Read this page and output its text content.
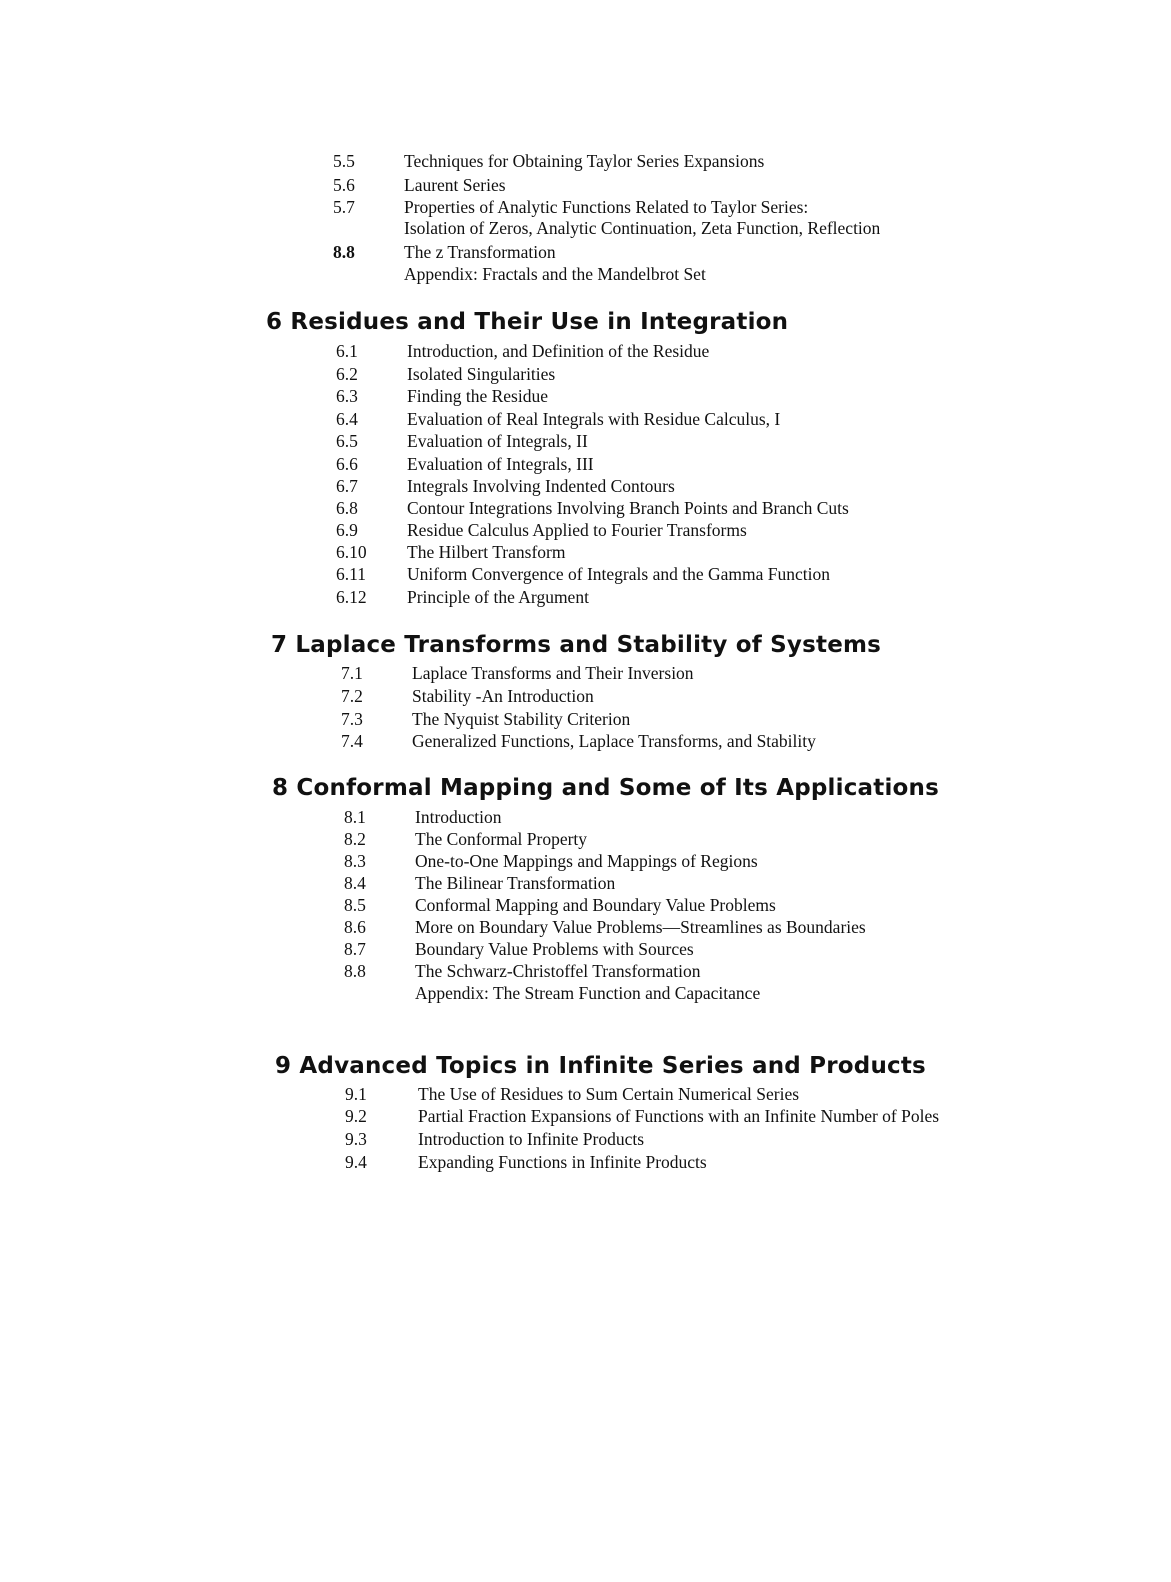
5.5	Techniques for Obtaining Taylor Series Expansions
5.6	Laurent Series
5.7	Properties of Analytic Functions Related to Taylor Series:
Isolation of Zeros, Analytic Continuation, Zeta Function, Reflection
8.8	The z Transformation
Appendix: Fractals and the Mandelbrot Set
6 Residues and Their Use in Integration
6.1	Introduction, and Definition of the Residue
6.2	Isolated Singularities
6.3	Finding the Residue
6.4	Evaluation of Real Integrals with Residue Calculus, I
6.5	Evaluation of Integrals, II
6.6	Evaluation of Integrals, III
6.7	Integrals Involving Indented Contours
6.8	Contour Integrations Involving Branch Points and Branch Cuts
6.9	Residue Calculus Applied to Fourier Transforms
6.10	The Hilbert Transform
6.11	Uniform Convergence of Integrals and the Gamma Function
6.12	Principle of the Argument
7 Laplace Transforms and Stability of Systems
7.1	Laplace Transforms and Their Inversion
7.2	Stability -An Introduction
7.3	The Nyquist Stability Criterion
7.4	Generalized Functions, Laplace Transforms, and Stability
8 Conformal Mapping and Some of Its Applications
8.1	Introduction
8.2	The Conformal Property
8.3	One-to-One Mappings and Mappings of Regions
8.4	The Bilinear Transformation
8.5	Conformal Mapping and Boundary Value Problems
8.6	More on Boundary Value Problems—Streamlines as Boundaries
8.7	Boundary Value Problems with Sources
8.8	The Schwarz-Christoffel Transformation
Appendix: The Stream Function and Capacitance
9 Advanced Topics in Infinite Series and Products
9.1	The Use of Residues to Sum Certain Numerical Series
9.2	Partial Fraction Expansions of Functions with an Infinite Number of Poles
9.3	Introduction to Infinite Products
9.4	Expanding Functions in Infinite Products
